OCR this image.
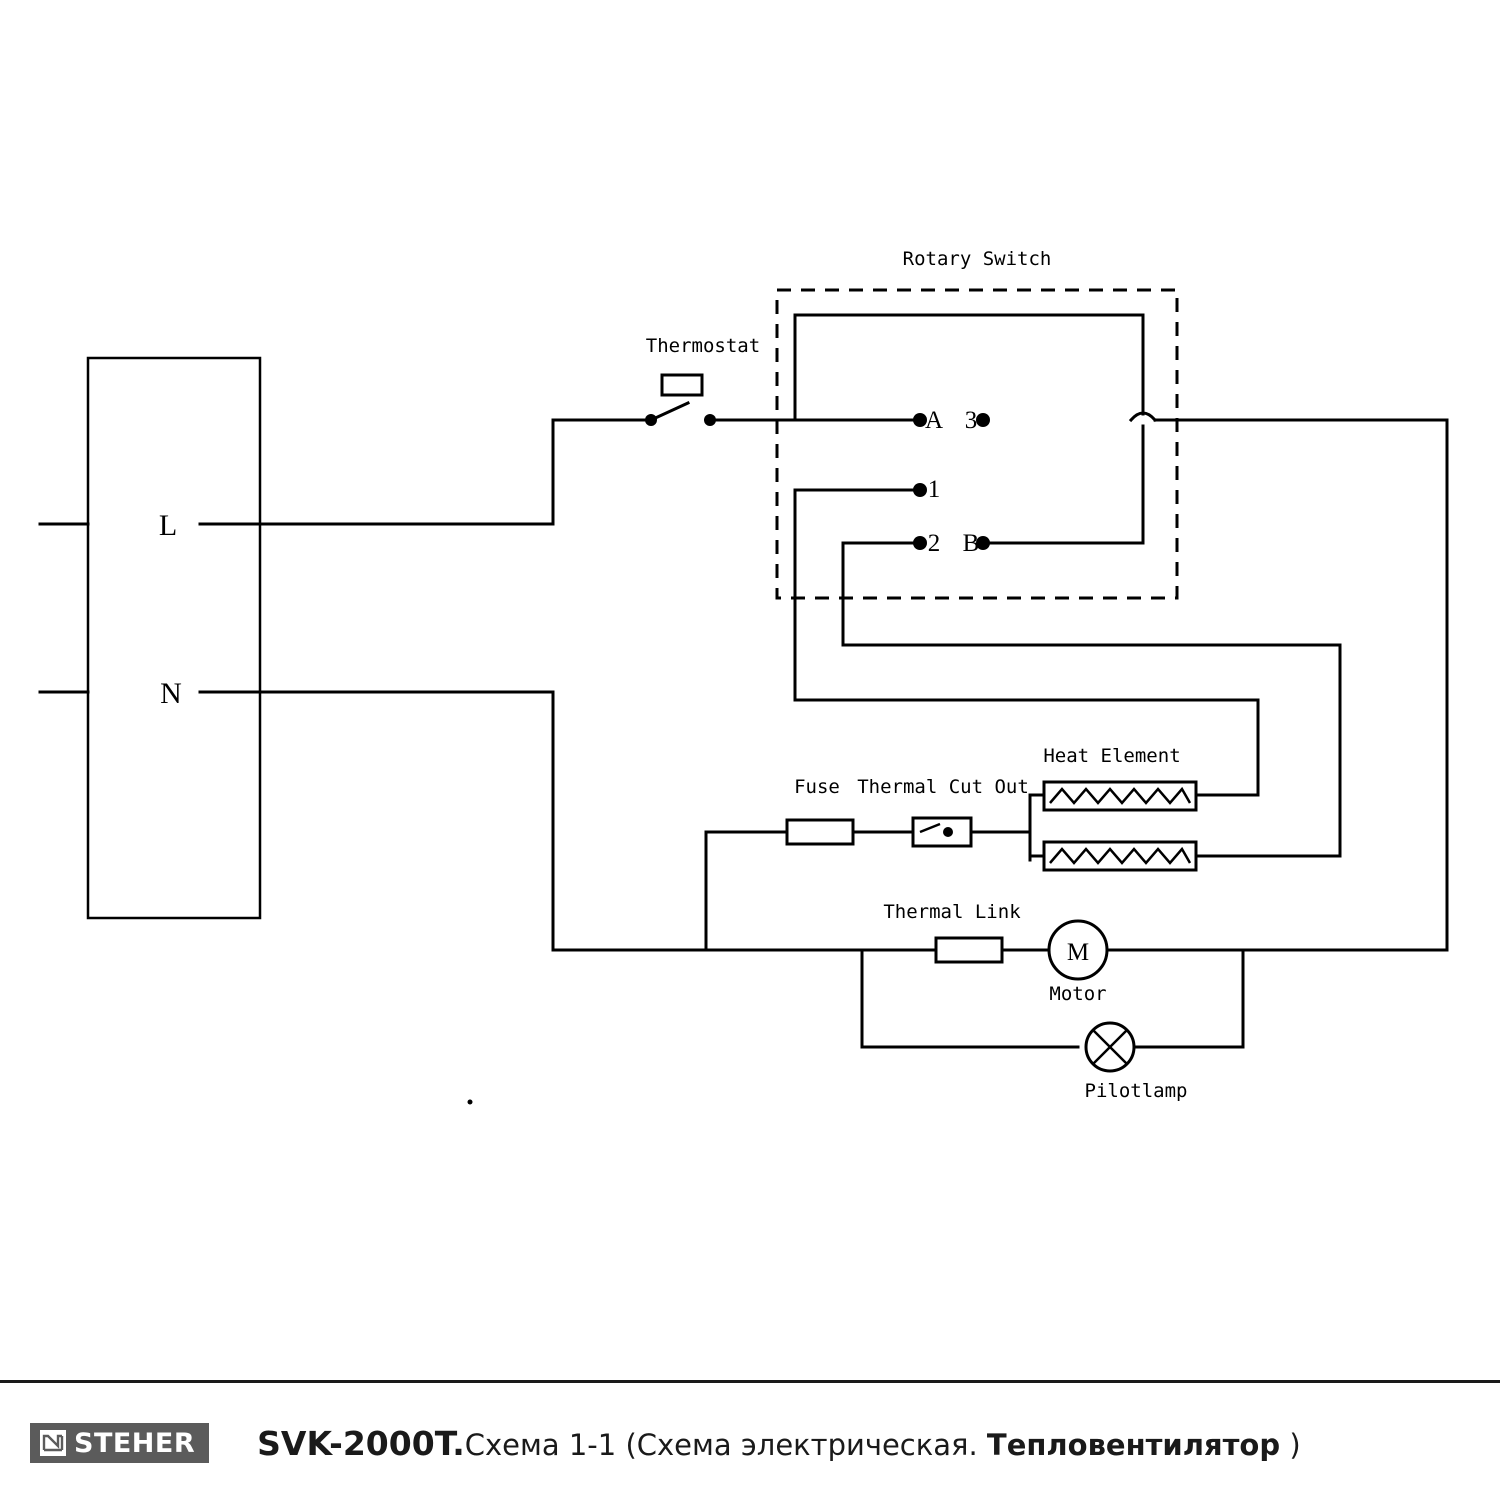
M
Rotary Switch
Thermostat
Fuse Thermal Cut Out
Heat Element
Thermal Link
Motor
Pilotlamp
L
N
A
1
2
3
B
STEHER SVK-2000T.Схема 1-1 (Схема электрическая. Тепловентилятор )
